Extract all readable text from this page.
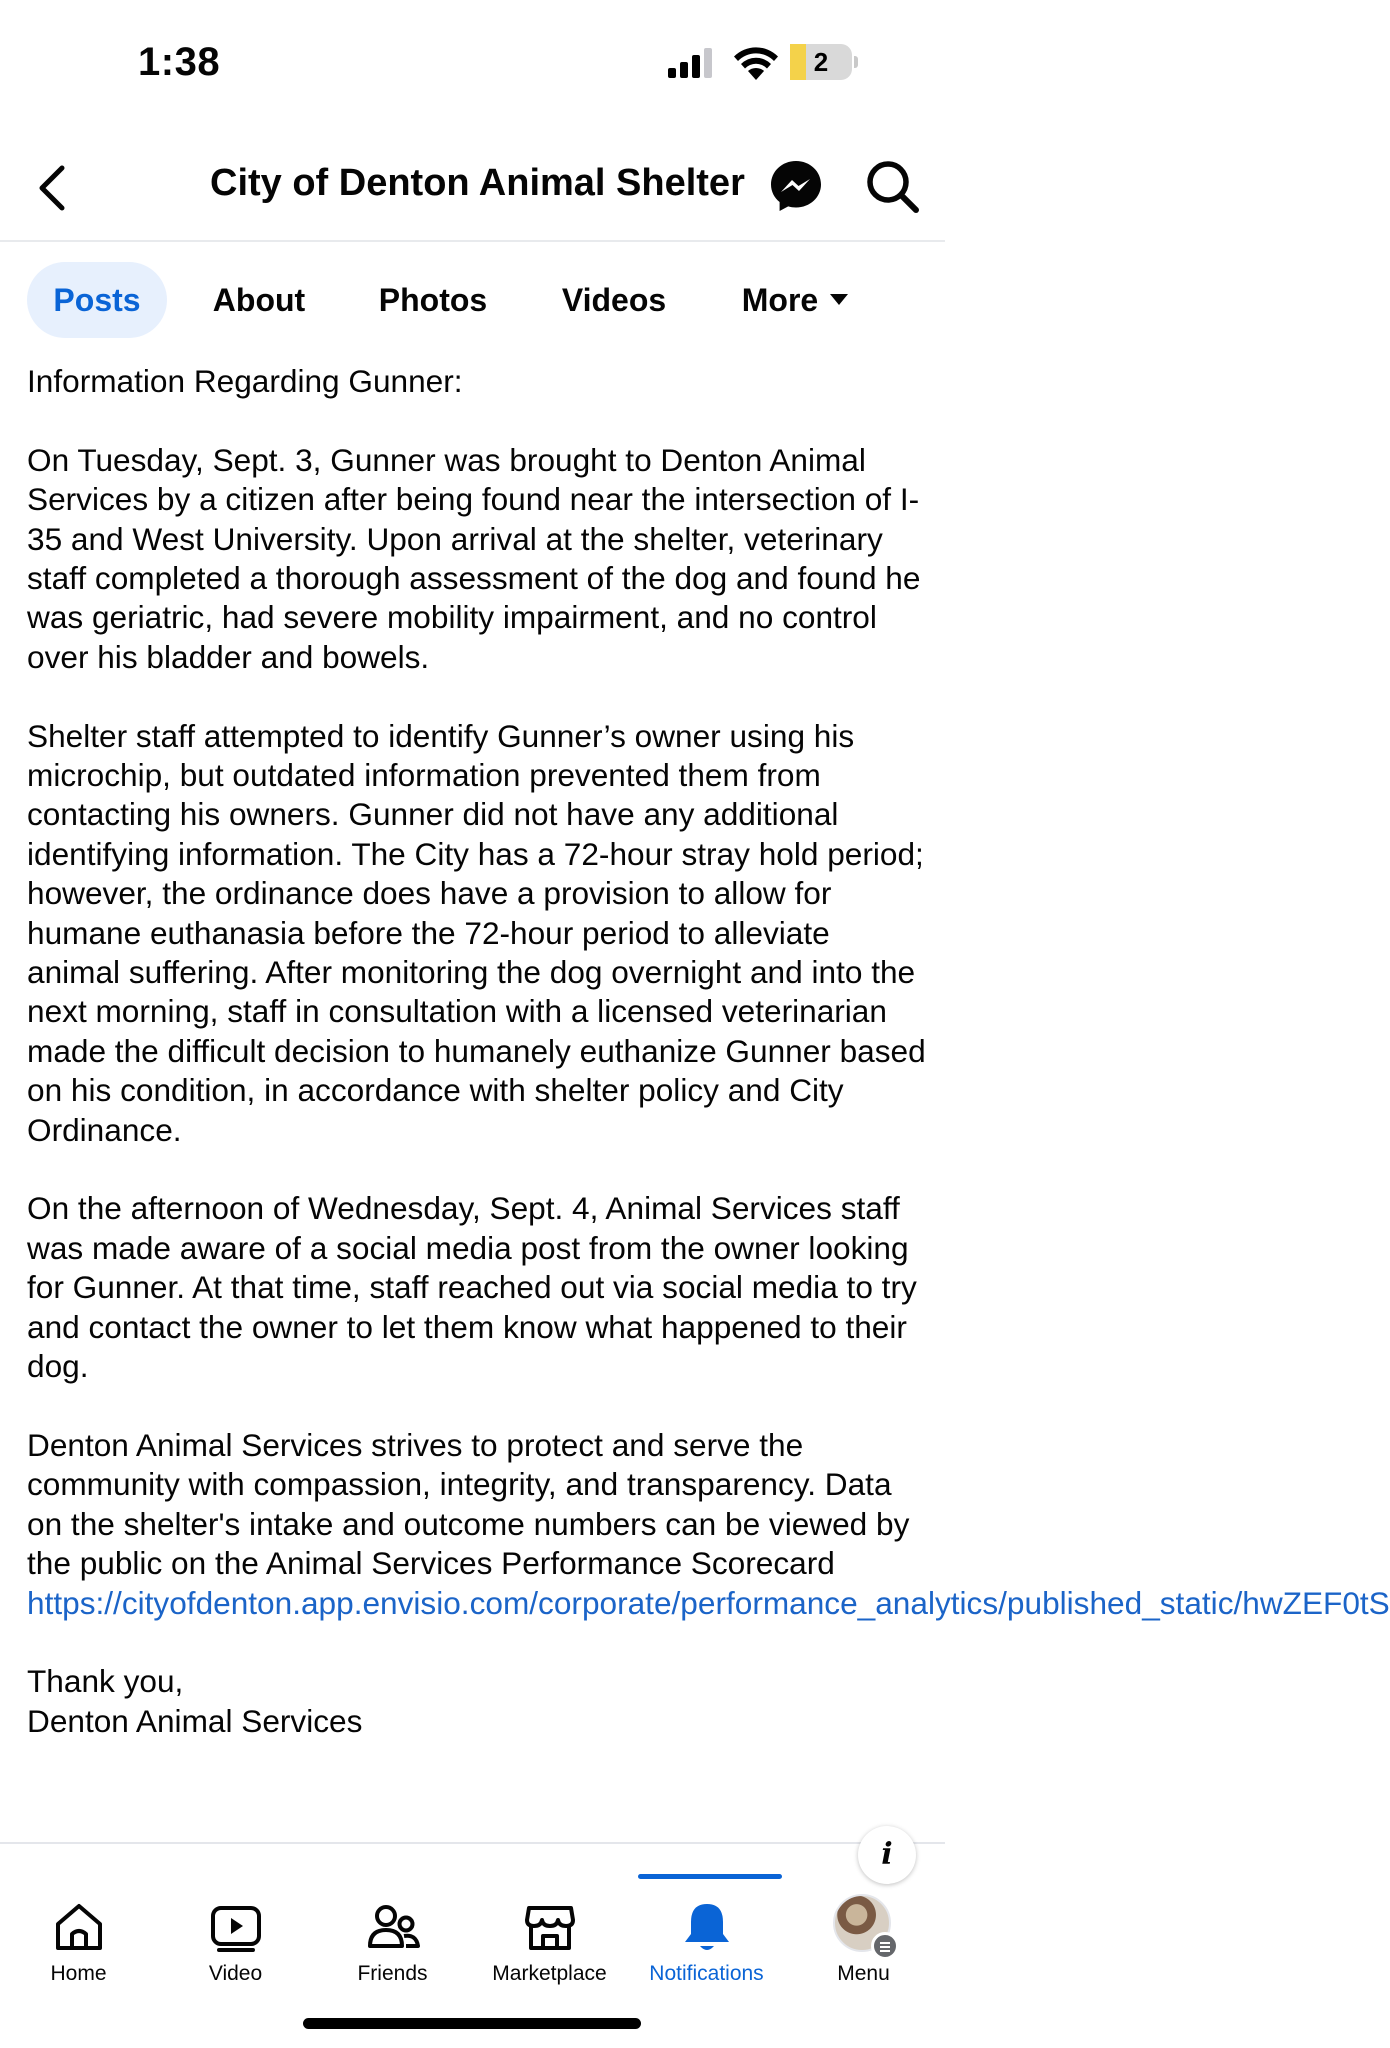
1:38	2
City of Denton Animal Shelter
Posts	About	Photos	Videos	More

Information Regarding Gunner:

On Tuesday, Sept. 3, Gunner was brought to Denton Animal Services by a citizen after being found near the intersection of I-35 and West University. Upon arrival at the shelter, veterinary staff completed a thorough assessment of the dog and found he was geriatric, had severe mobility impairment, and no control over his bladder and bowels.

Shelter staff attempted to identify Gunner’s owner using his microchip, but outdated information prevented them from contacting his owners. Gunner did not have any additional identifying information. The City has a 72-hour stray hold period; however, the ordinance does have a provision to allow for humane euthanasia before the 72-hour period to alleviate animal suffering. After monitoring the dog overnight and into the next morning, staff in consultation with a licensed veterinarian made the difficult decision to humanely euthanize Gunner based on his condition, in accordance with shelter policy and City Ordinance.

On the afternoon of Wednesday, Sept. 4, Animal Services staff was made aware of a social media post from the owner looking for Gunner. At that time, staff reached out via social media to try and contact the owner to let them know what happened to their dog.

Denton Animal Services strives to protect and serve the community with compassion, integrity, and transparency. Data on the shelter's intake and outcome numbers can be viewed by the public on the Animal Services Performance Scorecard https://cityofdenton.app.envisio.com/corporate/performance_analytics/published_static/hwZEF0tS

Thank you,

Denton Animal Services

i
Home	Video	Friends	Marketplace	Notifications	Menu
